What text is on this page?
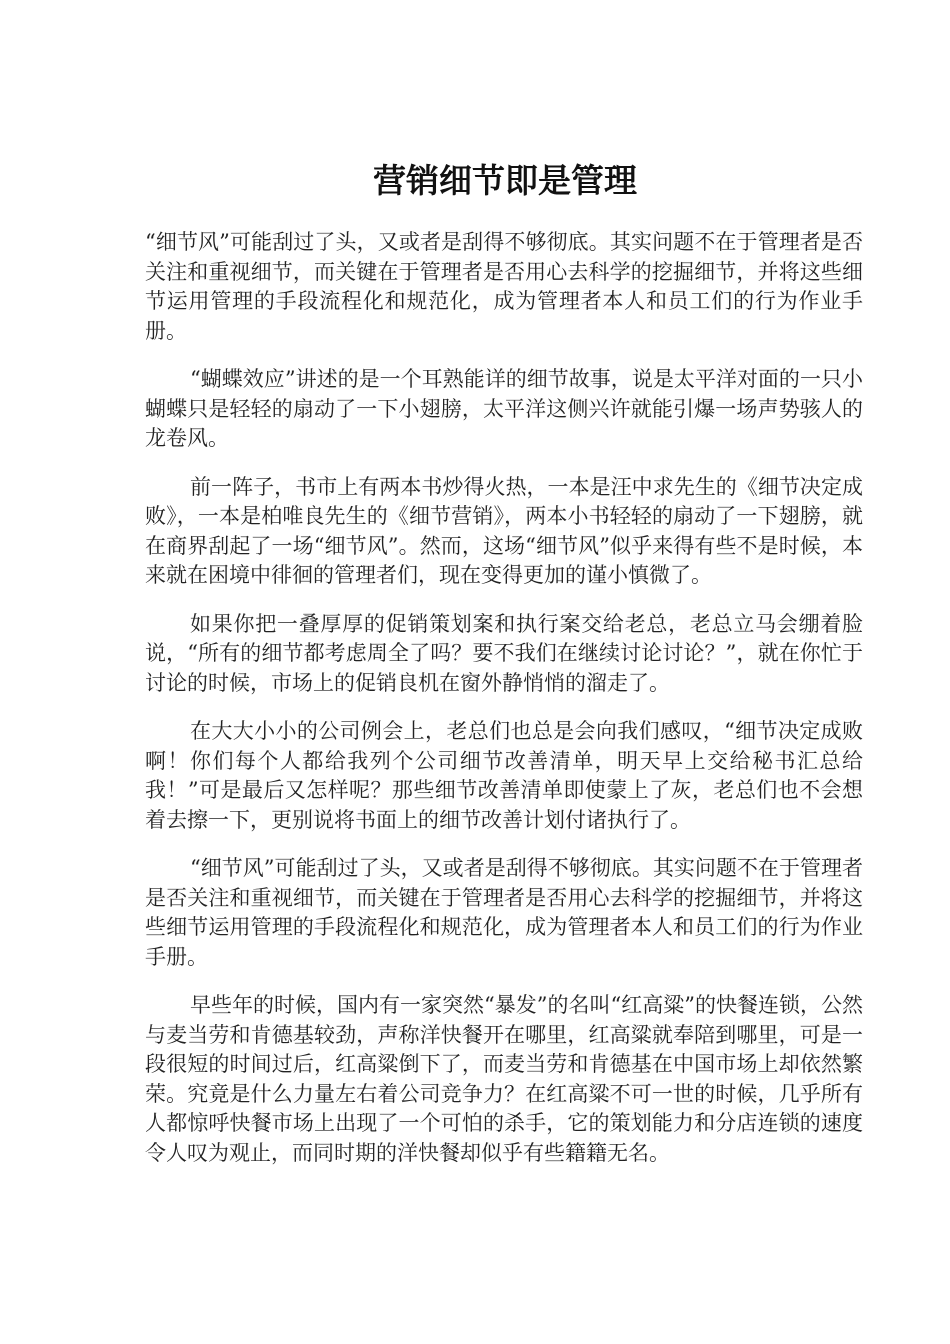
营销细节即是管理

“细节风”可能刮过了头，又或者是刮得不够彻底。其实问题不在于管理者是否关注和重视细节，而关键在于管理者是否用心去科学的挖掘细节，并将这些细节运用管理的手段流程化和规范化，成为管理者本人和员工们的行为作业手册。

“蝴蝶效应”讲述的是一个耳熟能详的细节故事，说是太平洋对面的一只小蝴蝶只是轻轻的扇动了一下小翅膀，太平洋这侧兴许就能引爆一场声势骇人的龙卷风。

前一阵子，书市上有两本书炒得火热，一本是汪中求先生的《细节决定成败》，一本是柏唯良先生的《细节营销》，两本小书轻轻的扇动了一下翅膀，就在商界刮起了一场“细节风”。然而，这场“细节风”似乎来得有些不是时候，本来就在困境中徘徊的管理者们，现在变得更加的谨小慎微了。

如果你把一叠厚厚的促销策划案和执行案交给老总，老总立马会绷着脸说，“所有的细节都考虑周全了吗？要不我们在继续讨论讨论？”，就在你忙于讨论的时候，市场上的促销良机在窗外静悄悄的溜走了。

在大大小小的公司例会上，老总们也总是会向我们感叹，“细节决定成败啊！你们每个人都给我列个公司细节改善清单，明天早上交给秘书汇总给我！”可是最后又怎样呢？那些细节改善清单即使蒙上了灰，老总们也不会想着去擦一下，更别说将书面上的细节改善计划付诸执行了。

“细节风”可能刮过了头，又或者是刮得不够彻底。其实问题不在于管理者是否关注和重视细节，而关键在于管理者是否用心去科学的挖掘细节，并将这些细节运用管理的手段流程化和规范化，成为管理者本人和员工们的行为作业手册。

早些年的时候，国内有一家突然“暴发”的名叫“红高粱”的快餐连锁，公然与麦当劳和肯德基较劲，声称洋快餐开在哪里，红高粱就奉陪到哪里，可是一段很短的时间过后，红高粱倒下了，而麦当劳和肯德基在中国市场上却依然繁荣。究竟是什么力量左右着公司竞争力？在红高粱不可一世的时候，几乎所有人都惊呼快餐市场上出现了一个可怕的杀手，它的策划能力和分店连锁的速度令人叹为观止，而同时期的洋快餐却似乎有些籍籍无名。
